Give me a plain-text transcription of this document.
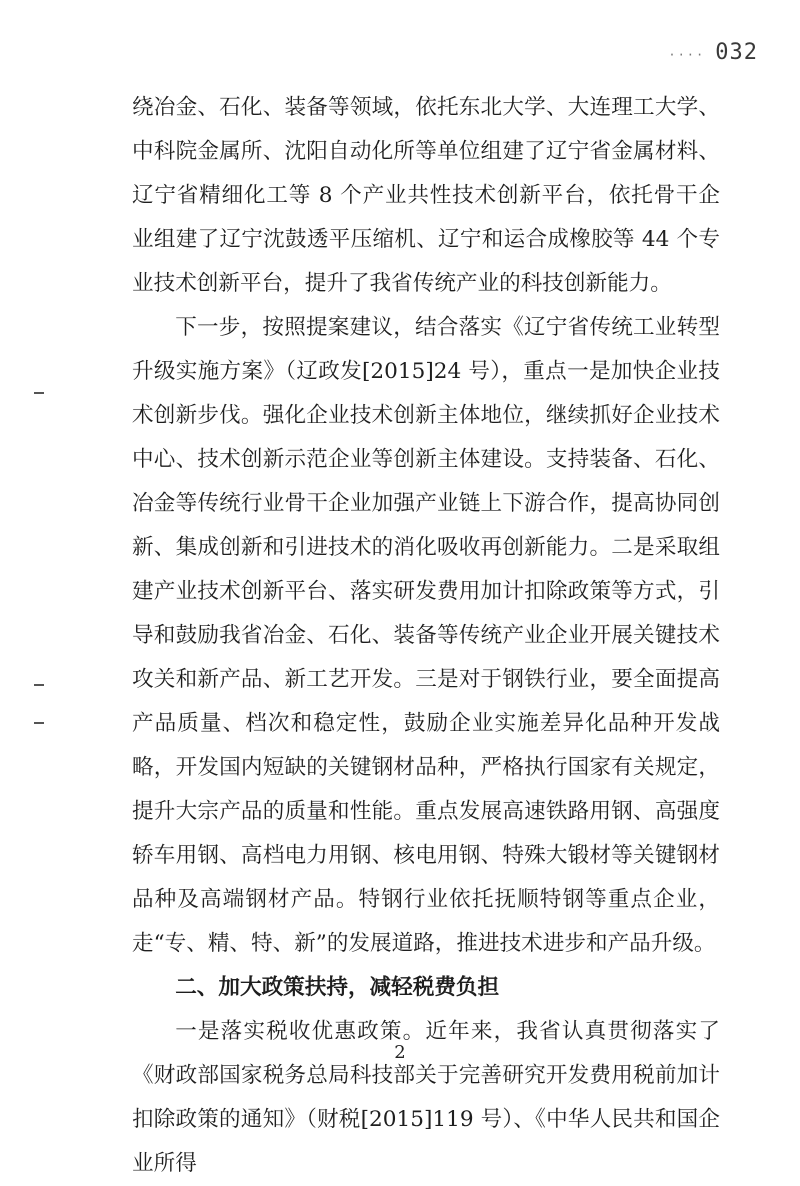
···· 032

绕冶金、石化、装备等领域，依托东北大学、大连理工大学、中科院金属所、沈阳自动化所等单位组建了辽宁省金属材料、辽宁省精细化工等 8 个产业共性技术创新平台，依托骨干企业组建了辽宁沈鼓透平压缩机、辽宁和运合成橡胶等 44 个专业技术创新平台，提升了我省传统产业的科技创新能力。

下一步，按照提案建议，结合落实《辽宁省传统工业转型升级实施方案》（辽政发[2015]24 号），重点一是加快企业技术创新步伐。强化企业技术创新主体地位，继续抓好企业技术中心、技术创新示范企业等创新主体建设。支持装备、石化、冶金等传统行业骨干企业加强产业链上下游合作，提高协同创新、集成创新和引进技术的消化吸收再创新能力。二是采取组建产业技术创新平台、落实研发费用加计扣除政策等方式，引导和鼓励我省冶金、石化、装备等传统产业企业开展关键技术攻关和新产品、新工艺开发。三是对于钢铁行业，要全面提高产品质量、档次和稳定性，鼓励企业实施差异化品种开发战略，开发国内短缺的关键钢材品种，严格执行国家有关规定，提升大宗产品的质量和性能。重点发展高速铁路用钢、高强度轿车用钢、高档电力用钢、核电用钢、特殊大锻材等关键钢材品种及高端钢材产品。特钢行业依托抚顺特钢等重点企业，走“专、精、特、新”的发展道路，推进技术进步和产品升级。

二、加大政策扶持，减轻税费负担

一是落实税收优惠政策。近年来，我省认真贯彻落实了《财政部国家税务总局科技部关于完善研究开发费用税前加计扣除政策的通知》（财税[2015]119 号）、《中华人民共和国企业所得

2
